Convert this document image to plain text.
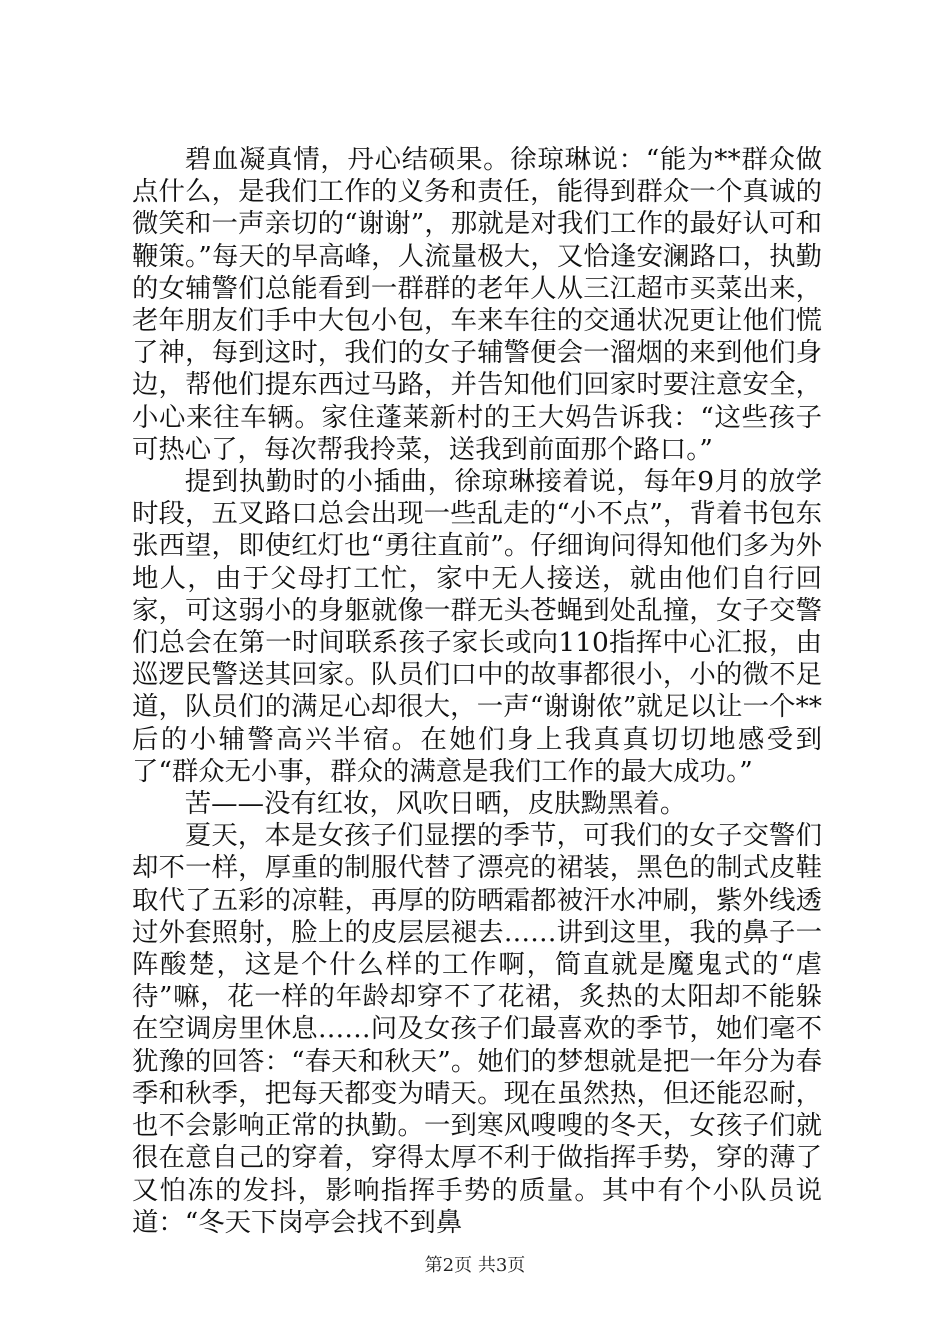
碧血凝真情，丹心结硕果。徐琼琳说：“能为**群众做点什么，是我们工作的义务和责任，能得到群众一个真诚的微笑和一声亲切的“谢谢”，那就是对我们工作的最好认可和鞭策。”每天的早高峰，人流量极大，又恰逢安澜路口，执勤的女辅警们总能看到一群群的老年人从三江超市买菜出来，老年朋友们手中大包小包，车来车往的交通状况更让他们慌了神，每到这时，我们的女子辅警便会一溜烟的来到他们身边，帮他们提东西过马路，并告知他们回家时要注意安全，小心来往车辆。家住蓬莱新村的王大妈告诉我：“这些孩子可热心了，每次帮我拎菜，送我到前面那个路口。”

提到执勤时的小插曲，徐琼琳接着说，每年9月的放学时段，五叉路口总会出现一些乱走的“小不点”，背着书包东张西望，即使红灯也“勇往直前”。仔细询问得知他们多为外地人，由于父母打工忙，家中无人接送，就由他们自行回家，可这弱小的身躯就像一群无头苍蝇到处乱撞，女子交警们总会在第一时间联系孩子家长或向110指挥中心汇报，由巡逻民警送其回家。队员们口中的故事都很小，小的微不足道，队员们的满足心却很大，一声“谢谢侬”就足以让一个**后的小辅警高兴半宿。在她们身上我真真切切地感受到了“群众无小事，群众的满意是我们工作的最大成功。”

苦——没有红妆，风吹日晒，皮肤黝黑着。

夏天，本是女孩子们显摆的季节，可我们的女子交警们却不一样，厚重的制服代替了漂亮的裙装，黑色的制式皮鞋取代了五彩的凉鞋，再厚的防晒霜都被汗水冲刷，紫外线透过外套照射，脸上的皮层层褪去……讲到这里，我的鼻子一阵酸楚，这是个什么样的工作啊，简直就是魔鬼式的“虐待”嘛，花一样的年龄却穿不了花裙，炙热的太阳却不能躲在空调房里休息……问及女孩子们最喜欢的季节，她们毫不犹豫的回答：“春天和秋天”。她们的梦想就是把一年分为春季和秋季，把每天都变为晴天。现在虽然热，但还能忍耐，也不会影响正常的执勤。一到寒风嗖嗖的冬天，女孩子们就很在意自己的穿着，穿得太厚不利于做指挥手势，穿的薄了又怕冻的发抖，影响指挥手势的质量。其中有个小队员说道：“冬天下岗亭会找不到鼻

第2页 共3页
